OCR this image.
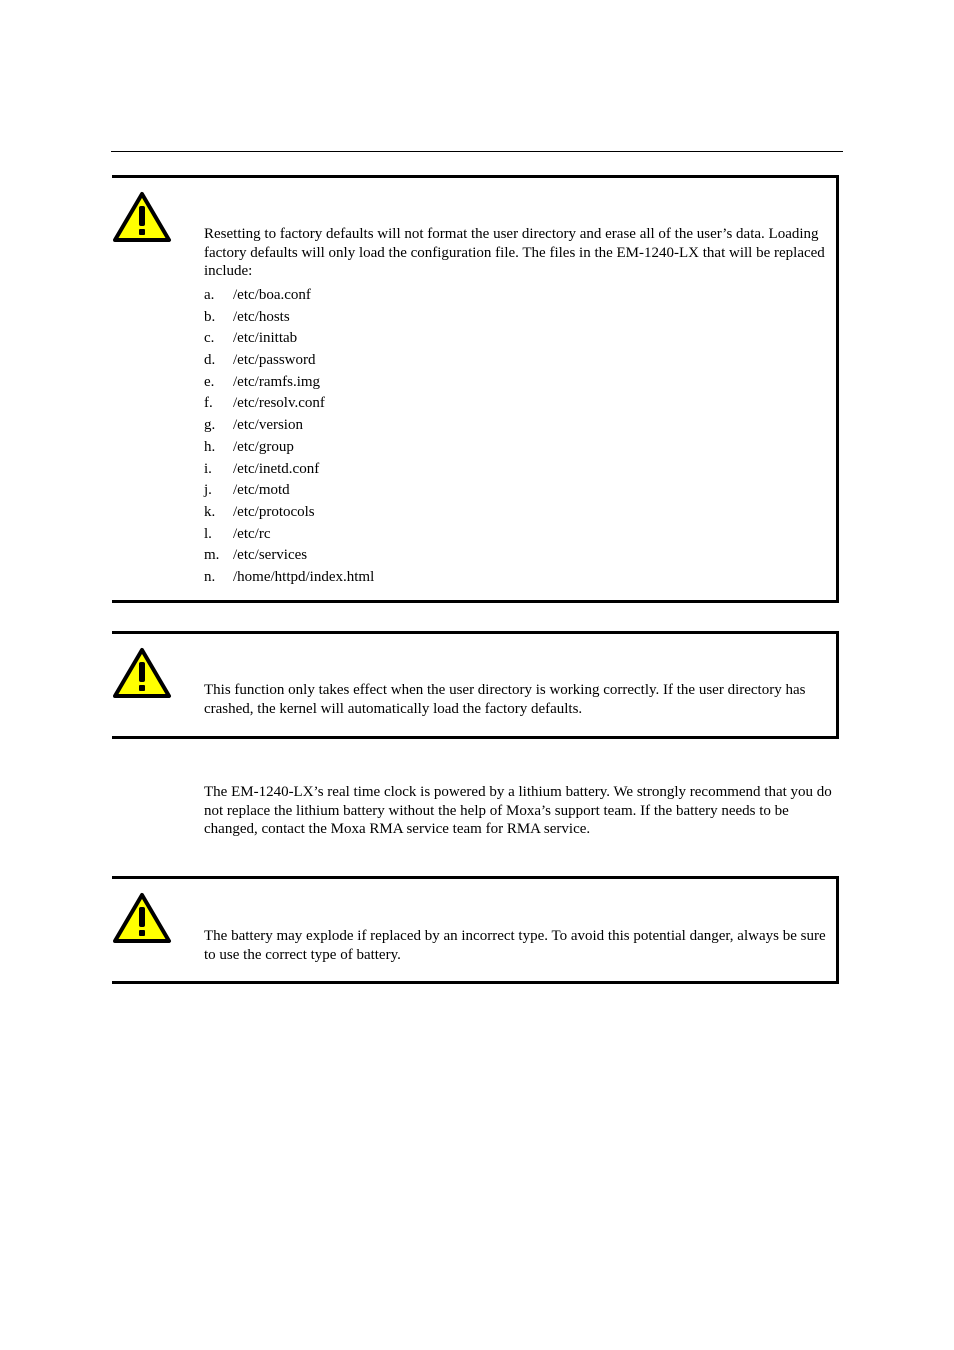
Resetting to factory defaults will not format the user directory and erase all of the user’s data. Loading factory defaults will only load the configuration file. The files in the EM-1240-LX that will be replaced include:
a. /etc/boa.conf
b. /etc/hosts
c. /etc/inittab
d. /etc/password
e. /etc/ramfs.img
f. /etc/resolv.conf
g. /etc/version
h. /etc/group
i. /etc/inetd.conf
j. /etc/motd
k. /etc/protocols
l. /etc/rc
m. /etc/services
n. /home/httpd/index.html
This function only takes effect when the user directory is working correctly. If the user directory has crashed, the kernel will automatically load the factory defaults.
The EM-1240-LX’s real time clock is powered by a lithium battery. We strongly recommend that you do not replace the lithium battery without the help of Moxa’s support team. If the battery needs to be changed, contact the Moxa RMA service team for RMA service.
The battery may explode if replaced by an incorrect type. To avoid this potential danger, always be sure to use the correct type of battery.
